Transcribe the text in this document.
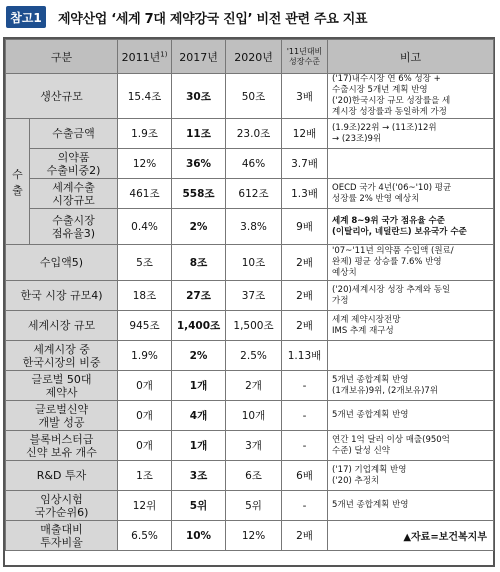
참고1	제약산업 ‘세계 7대 제약강국 진입’ 비전 관련 주요 지표
구분		2011년$^{1)}$	2017년	2020년	'11년대비
성장수준	비고
생산규모		15.4조	30조	50조	3배	('17)내수시장 연 6% 성장 +
수출시장 5개년 계획 반영
('20)한국시장 규모 성장률을 세
계시장 성장률과 동일하게 가정
수
출	수출금액	1.9조	11조	23.0조	12배	(1.9조)22위 → (11조)12위
→ (23조)9위
	의약품
수출비중2)	12%	36%	46%	3.7배	
	세계수출
시장규모	461조	558조	612조	1.3배	OECD 국가 4년('06~'10) 평균
성장률 2% 반영 예상치
	수출시장
점유율3)	0.4%	2%	3.8%	9배	세계 8~9위 국가 점유율 수준
(이탈리아, 네덜란드) 보유국가 수준
수입액5)		5조	8조	10조	2배	'07~'11년 의약품 수입액 (원료/
완제) 평균 상승률 7.6% 반영
예상치
한국 시장 규모4)		18조	27조	37조	2배	('20)세계시장 성장 추계와 동일
가정
세계시장 규모		945조	1,400조	1,500조	2배	세계 제약시장전망
IMS 추계 재구성
세계시장 중
한국시장의 비중		1.9%	2%	2.5%	1.13배	
글로벌 50대
제약사		0개	1개	2개	-	5개년 종합계획 반영
(1개보유)9위, (2개보유)7위
글로벌신약
개발 성공		0개	4개	10개	-	5개년 종합계획 반영
블록버스터급
신약 보유 개수		0개	1개	3개	-	연간 1억 달러 이상 매출(950억
수준) 달성 신약
R&D 투자		1조	3조	6조	6배	('17) 기업계획 반영
('20) 추정치
임상시험
국가순위6)		12위	5위	5위	-	5개년 종합계획 반영
매출대비
투자비율		6.5%	10%	12%	2배	▲자료=보건복지부
